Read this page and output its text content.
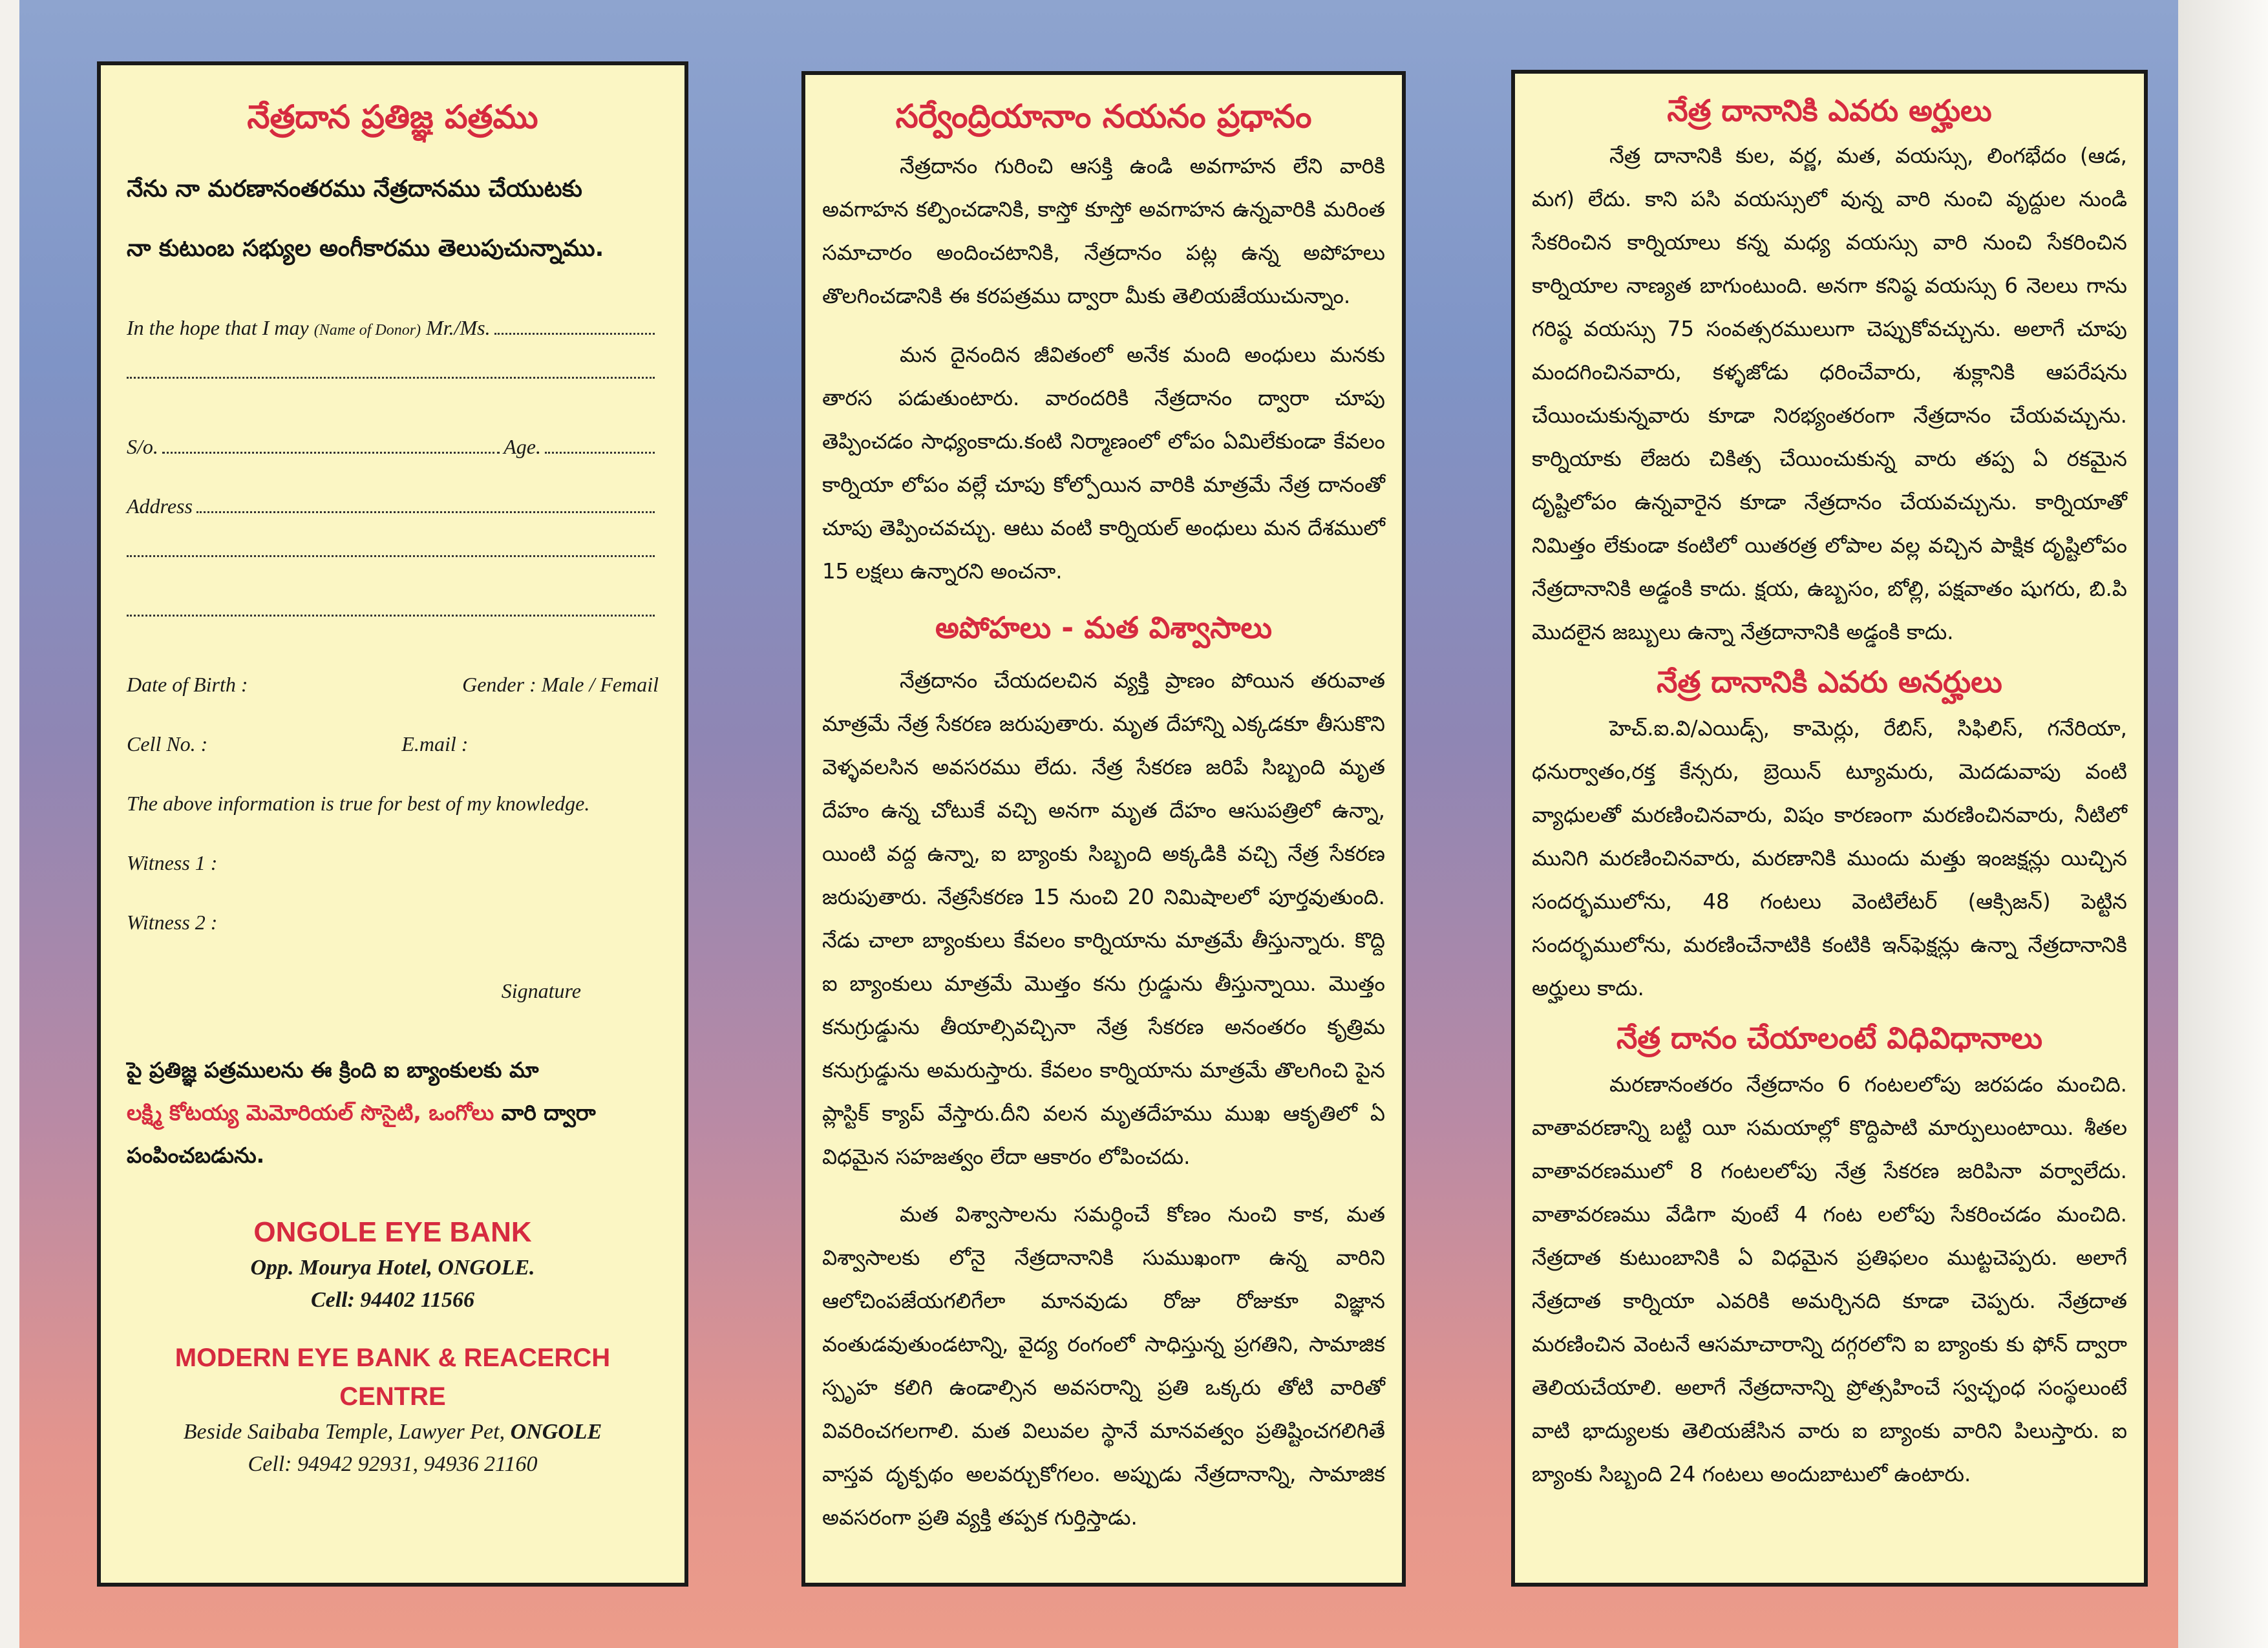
నేత్రదాన ప్రతిజ్ఞ పత్రము

నేను నా మరణానంతరము నేత్రదానము చేయుటకు

నా కుటుంబ సభ్యుల అంగీకారము తెలుపుచున్నాము.

In the hope that I may
(Name of Donor)
Mr./Ms.
S/o.	Age.
Address
Date of Birth :	Gender : Male / Femail
Cell No. :	E.mail :
The above information is true for best of my knowledge.
Witness 1 :
Witness 2 :
Signature

పై ప్రతిజ్ఞ పత్రములను ఈ క్రింది ఐ బ్యాంకులకు మా
లక్ష్మి కోటయ్య మెమోరియల్ సొసైటి, ఒంగోలు వారి ద్వారా
పంపించబడును.

ONGOLE EYE BANK

Opp. Mourya Hotel, ONGOLE.

Cell: 94402 11566

MODERN EYE BANK & REACERCH CENTRE

Beside Saibaba Temple, Lawyer Pet, ONGOLE

Cell: 94942 92931, 94936 21160

సర్వేంద్రియానాం నయనం ప్రధానం

నేత్రదానం గురించి ఆసక్తి ఉండి అవగాహన లేని వారికి అవగాహన కల్పించడానికి, కాస్తో కూస్తో అవగాహన ఉన్నవారికి మరింత సమాచారం అందించటానికి, నేత్రదానం పట్ల ఉన్న అపోహలు తొలగించడానికి ఈ కరపత్రము ద్వారా మీకు తెలియజేయుచున్నాం.

మన దైనందిన జీవితంలో అనేక మంది అంధులు మనకు తారస పడుతుంటారు. వారందరికి నేత్రదానం ద్వారా చూపు తెప్పించడం సాధ్యంకాదు.కంటి నిర్మాణంలో లోపం ఏమిలేకుండా కేవలం కార్నియా లోపం వల్లే చూపు కోల్పోయిన వారికి మాత్రమే నేత్ర దానంతో చూపు తెప్పించవచ్చు. ఆటు వంటి కార్నియల్ అంధులు మన దేశములో 15 లక్షలు ఉన్నారని అంచనా.

అపోహలు - మత విశ్వాసాలు

నేత్రదానం చేయదలచిన వ్యక్తి ప్రాణం పోయిన తరువాత మాత్రమే నేత్ర సేకరణ జరుపుతారు. మృత దేహాన్ని ఎక్కడకూ తీసుకొని వెళ్ళవలసిన అవసరము లేదు. నేత్ర సేకరణ జరిపే సిబ్బంది మృత దేహం ఉన్న చోటుకే వచ్చి అనగా మృత దేహం ఆసుపత్రిలో ఉన్నా, యింటి వద్ద ఉన్నా, ఐ బ్యాంకు సిబ్బంది అక్కడికి వచ్చి నేత్ర సేకరణ జరుపుతారు. నేత్రసేకరణ 15 నుంచి 20 నిమిషాలలో పూర్తవుతుంది. నేడు చాలా బ్యాంకులు కేవలం కార్నియాను మాత్రమే తీస్తున్నారు. కొద్ది ఐ బ్యాంకులు మాత్రమే మొత్తం కను గ్రుడ్డును తీస్తున్నాయి. మొత్తం కనుగ్రుడ్డును తీయాల్సివచ్చినా నేత్ర సేకరణ అనంతరం కృత్రిమ కనుగ్రుడ్డును అమరుస్తారు. కేవలం కార్నియాను మాత్రమే తొలగించి పైన ప్లాస్టిక్ క్యాప్ వేస్తారు.దీని వలన మృతదేహము ముఖ ఆకృతిలో ఏ విధమైన సహజత్వం లేదా ఆకారం లోపించదు.

మత విశ్వాసాలను సమర్ధించే కోణం నుంచి కాక, మత విశ్వాసాలకు లోనై నేత్రదానానికి సుముఖంగా ఉన్న వారిని ఆలోచింపజేయగలిగేలా మానవుడు రోజు రోజుకూ విజ్ఞాన వంతుడవుతుండటాన్ని, వైద్య రంగంలో సాధిస్తున్న ప్రగతిని, సామాజిక స్పృహ కలిగి ఉండాల్సిన అవసరాన్ని ప్రతి ఒక్కరు తోటి వారితో వివరించగలగాలి. మత విలువల స్థానే మానవత్వం ప్రతిష్టించగలిగితే వాస్తవ దృక్పథం అలవర్చుకోగలం. అప్పుడు నేత్రదానాన్ని, సామాజిక అవసరంగా ప్రతి వ్యక్తి తప్పక గుర్తిస్తాడు.

నేత్ర దానానికి ఎవరు అర్హులు

నేత్ర దానానికి కుల, వర్ణ, మత, వయస్సు, లింగభేదం (ఆడ, మగ) లేదు. కాని పసి వయస్సులో వున్న వారి నుంచి వృద్దుల నుండి సేకరించిన కార్నియాలు కన్న మధ్య వయస్సు వారి నుంచి సేకరించిన కార్నియాల నాణ్యత బాగుంటుంది. అనగా కనిష్ఠ వయస్సు 6 నెలలు గాను గరిష్ఠ వయస్సు 75 సంవత్సరములుగా చెప్పుకోవచ్చును. అలాగే చూపు మందగించినవారు, కళ్ళజోడు ధరించేవారు, శుక్లానికి ఆపరేషను చేయించుకున్నవారు కూడా నిరభ్యంతరంగా నేత్రదానం చేయవచ్చును. కార్నియాకు లేజరు చికిత్స చేయించుకున్న వారు తప్ప ఏ రకమైన దృష్టిలోపం ఉన్నవారైన కూడా నేత్రదానం చేయవచ్చును. కార్నియాతో నిమిత్తం లేకుండా కంటిలో యితరత్ర లోపాల వల్ల వచ్చిన పాక్షిక దృష్టిలోపం నేత్రదానానికి అడ్డంకి కాదు. క్షయ, ఉబ్బసం, బోల్లి, పక్షవాతం షుగరు, బి.పి మొదలైన జబ్బులు ఉన్నా నేత్రదానానికి అడ్డంకి కాదు.

నేత్ర దానానికి ఎవరు అనర్హులు

హెచ్.ఐ.వి/ఎయిడ్స్, కామెర్లు, రేబిస్, సిఫిలిస్, గనేరియా, ధనుర్వాతం,రక్త కేన్సరు, బ్రెయిన్ ట్యూమరు, మెదడువాపు వంటి వ్యాధులతో మరణించినవారు, విషం కారణంగా మరణించినవారు, నీటిలో మునిగి మరణించినవారు, మరణానికి ముందు మత్తు ఇంజక్షన్లు యిచ్చిన సందర్భములోను, 48 గంటలు వెంటిలేటర్ (ఆక్సిజన్) పెట్టిన సందర్భములోను, మరణించేనాటికి కంటికి ఇన్‌ఫెక్షన్లు ఉన్నా నేత్రదానానికి అర్హులు కాదు.

నేత్ర దానం చేయాలంటే విధివిధానాలు

మరణానంతరం నేత్రదానం 6 గంటలలోపు జరపడం మంచిది. వాతావరణాన్ని బట్టి యీ సమయాల్లో కొద్దిపాటి మార్పులుంటాయి. శీతల వాతావరణములో 8 గంటలలోపు నేత్ర సేకరణ జరిపినా వర్వాలేదు. వాతావరణము వేడిగా వుంటే 4 గంట లలోపు సేకరించడం మంచిది. నేత్రదాత కుటుంబానికి ఏ విధమైన ప్రతిఫలం ముట్టచెప్పరు. అలాగే నేత్రదాత కార్నియా ఎవరికి అమర్చినది కూడా చెప్పరు. నేత్రదాత మరణించిన వెంటనే ఆసమాచారాన్ని దగ్గరలోని ఐ బ్యాంకు కు ఫోన్ ద్వారా తెలియచేయాలి. అలాగే నేత్రదానాన్ని ప్రోత్సహించే స్వచ్ఛంధ సంస్థలుంటే వాటి భాద్యులకు తెలియజేసిన వారు ఐ బ్యాంకు వారిని పిలుస్తారు. ఐ బ్యాంకు సిబ్బంది 24 గంటలు అందుబాటులో ఉంటారు.
